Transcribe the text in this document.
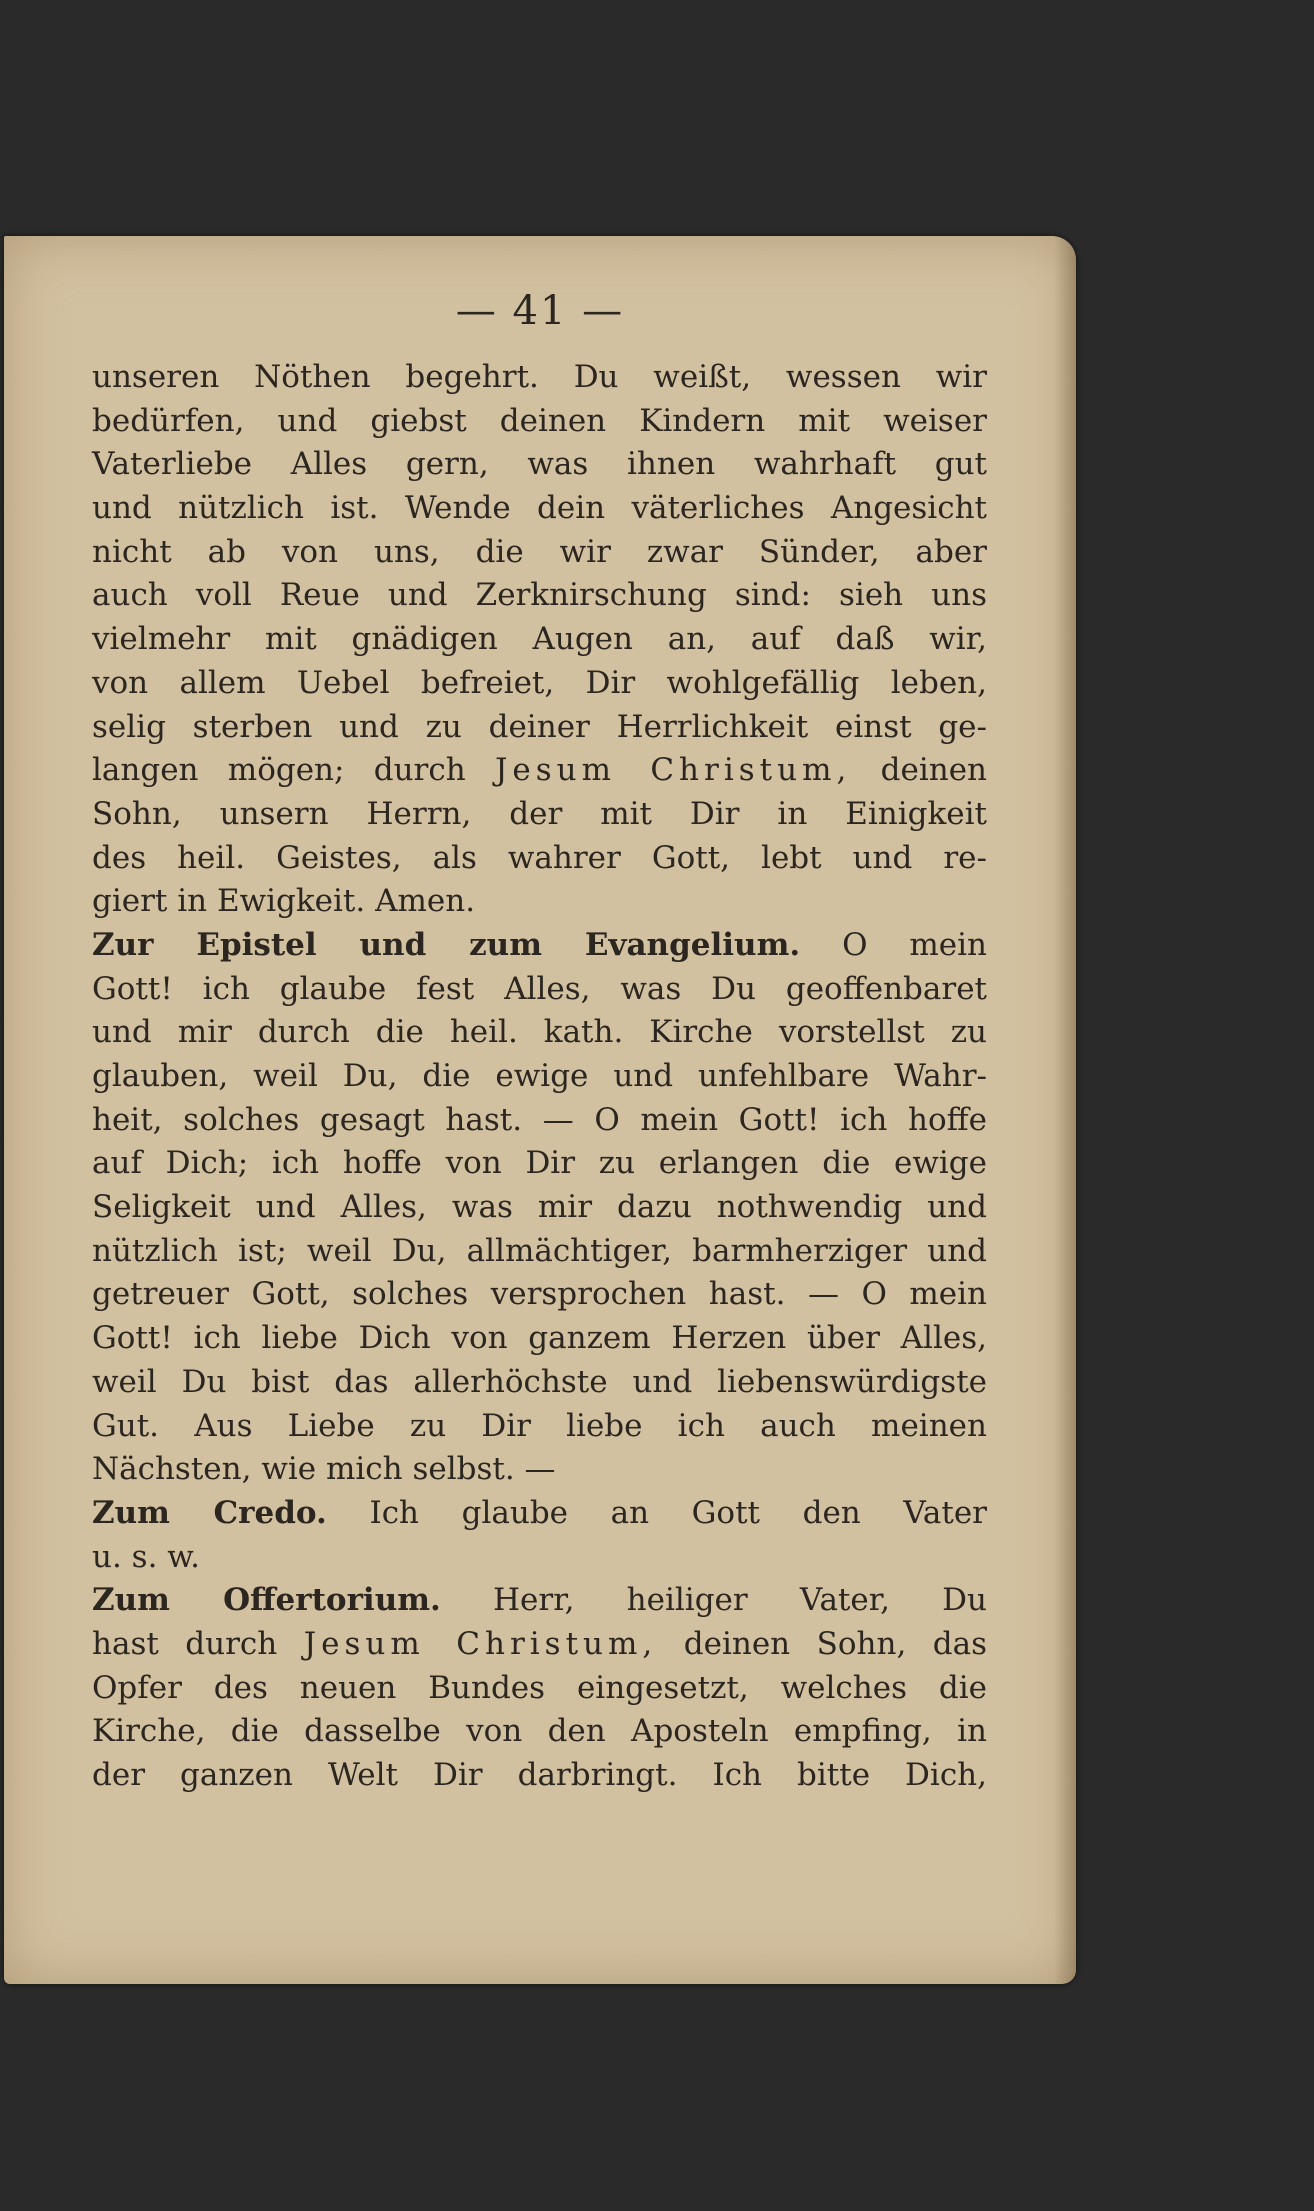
— 41 —
unseren Nöthen begehrt. Du weißt, wessen wir
bedürfen, und giebst deinen Kindern mit weiser
Vaterliebe Alles gern, was ihnen wahrhaft gut
und nützlich ist. Wende dein väterliches Angesicht
nicht ab von uns, die wir zwar Sünder, aber
auch voll Reue und Zerknirschung sind: sieh uns
vielmehr mit gnädigen Augen an, auf daß wir,
von allem Uebel befreiet, Dir wohlgefällig leben,
selig sterben und zu deiner Herrlichkeit einst ge-
langen mögen; durch Jesum Christum, deinen
Sohn, unsern Herrn, der mit Dir in Einigkeit
des heil. Geistes, als wahrer Gott, lebt und re-
giert in Ewigkeit. Amen.
Zur Epistel und zum Evangelium. O mein
Gott! ich glaube fest Alles, was Du geoffenbaret
und mir durch die heil. kath. Kirche vorstellst zu
glauben, weil Du, die ewige und unfehlbare Wahr-
heit, solches gesagt hast. — O mein Gott! ich hoffe
auf Dich; ich hoffe von Dir zu erlangen die ewige
Seligkeit und Alles, was mir dazu nothwendig und
nützlich ist; weil Du, allmächtiger, barmherziger und
getreuer Gott, solches versprochen hast. — O mein
Gott! ich liebe Dich von ganzem Herzen über Alles,
weil Du bist das allerhöchste und liebenswürdigste
Gut. Aus Liebe zu Dir liebe ich auch meinen
Nächsten, wie mich selbst. —
Zum Credo. Ich glaube an Gott den Vater
u. s. w.
Zum Offertorium. Herr, heiliger Vater, Du
hast durch Jesum Christum, deinen Sohn, das
Opfer des neuen Bundes eingesetzt, welches die
Kirche, die dasselbe von den Aposteln empfing, in
der ganzen Welt Dir darbringt. Ich bitte Dich,
